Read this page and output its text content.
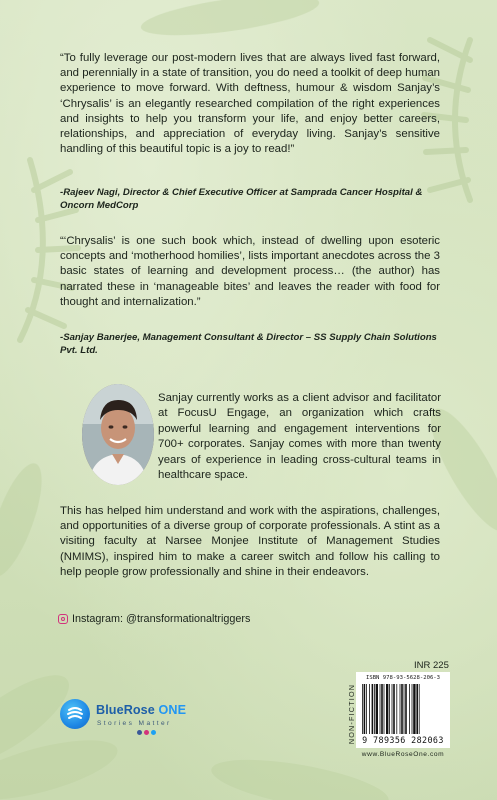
“To fully leverage our post-modern lives that are always lived fast forward, and perennially in a state of transition, you do need a toolkit of deep human experience to move forward. With deftness, humour & wisdom Sanjay’s ‘Chrysalis’ is an elegantly researched compilation of the right experiences and insights to help you transform your life, and enjoy better careers, relationships, and appreciation of everyday living. Sanjay’s sensitive handling of this beautiful topic is a joy to read!”

-Rajeev Nagi, Director & Chief Executive Officer at Samprada Cancer Hospital & Oncorn MedCorp

“‘Chrysalis’ is one such book which, instead of dwelling upon esoteric concepts and ‘motherhood homilies’, lists important anecdotes across the 3 basic states of learning and development process… (the author) has narrated these in ‘manageable bites’ and leaves the reader with food for thought and internalization.”

-Sanjay Banerjee, Management Consultant & Director – SS Supply Chain Solutions Pvt. Ltd.

Sanjay currently works as a client advisor and facilitator at FocusU Engage, an organization which crafts powerful learning and engagement interventions for 700+ corporates. Sanjay comes with more than twenty years of experience in leading cross-cultural teams in healthcare space.

This has helped him understand and work with the aspirations, challenges, and opportunities of a diverse group of corporate professionals. A stint as a visiting faculty at Narsee Monjee Institute of Management Studies (NMIMS), inspired him to make a career switch and follow his calling to help people grow professionally and shine in their endeavors.

Instagram: @transformationaltriggers
INR 225
NON-FICTION
ISBN 978-93-5628-206-3
9 789356 282063
www.BlueRoseOne.com
BlueRose ONE
Stories Matter
